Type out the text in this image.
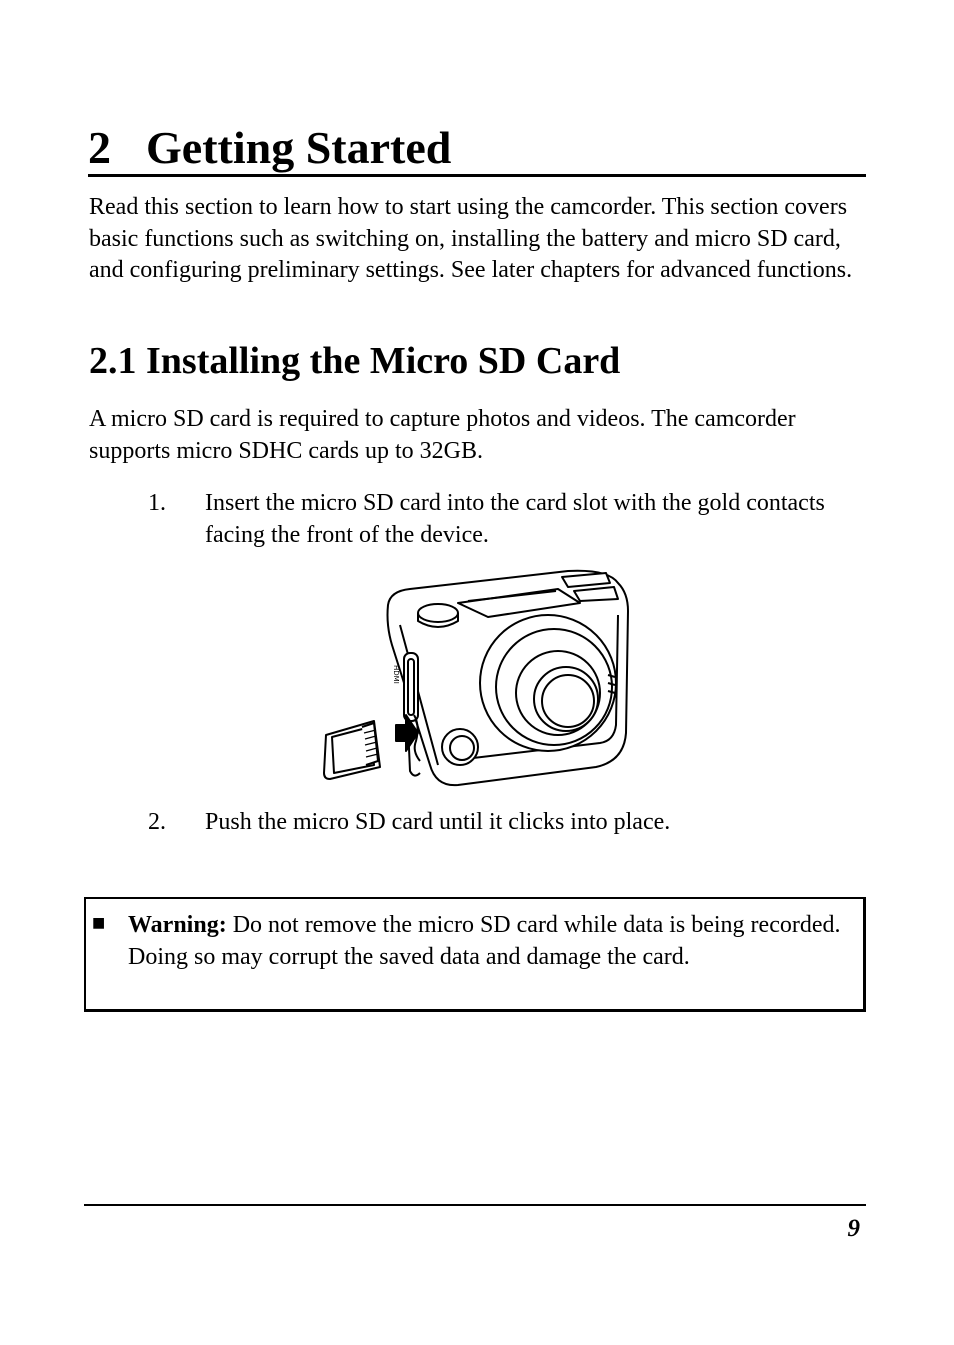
2 Getting Started

Read this section to learn how to start using the camcorder. This section covers basic functions such as switching on, installing the battery and micro SD card, and configuring preliminary settings. See later chapters for advanced functions.

2.1 Installing the Micro SD Card

A micro SD card is required to capture photos and videos. The camcorder supports micro SDHC cards up to 32GB.

1. Insert the micro SD card into the card slot with the gold contacts facing the front of the device.
HDMI
2. Push the micro SD card until it clicks into place.
■ Warning: Do not remove the micro SD card while data is being recorded. Doing so may corrupt the saved data and damage the card.
9
